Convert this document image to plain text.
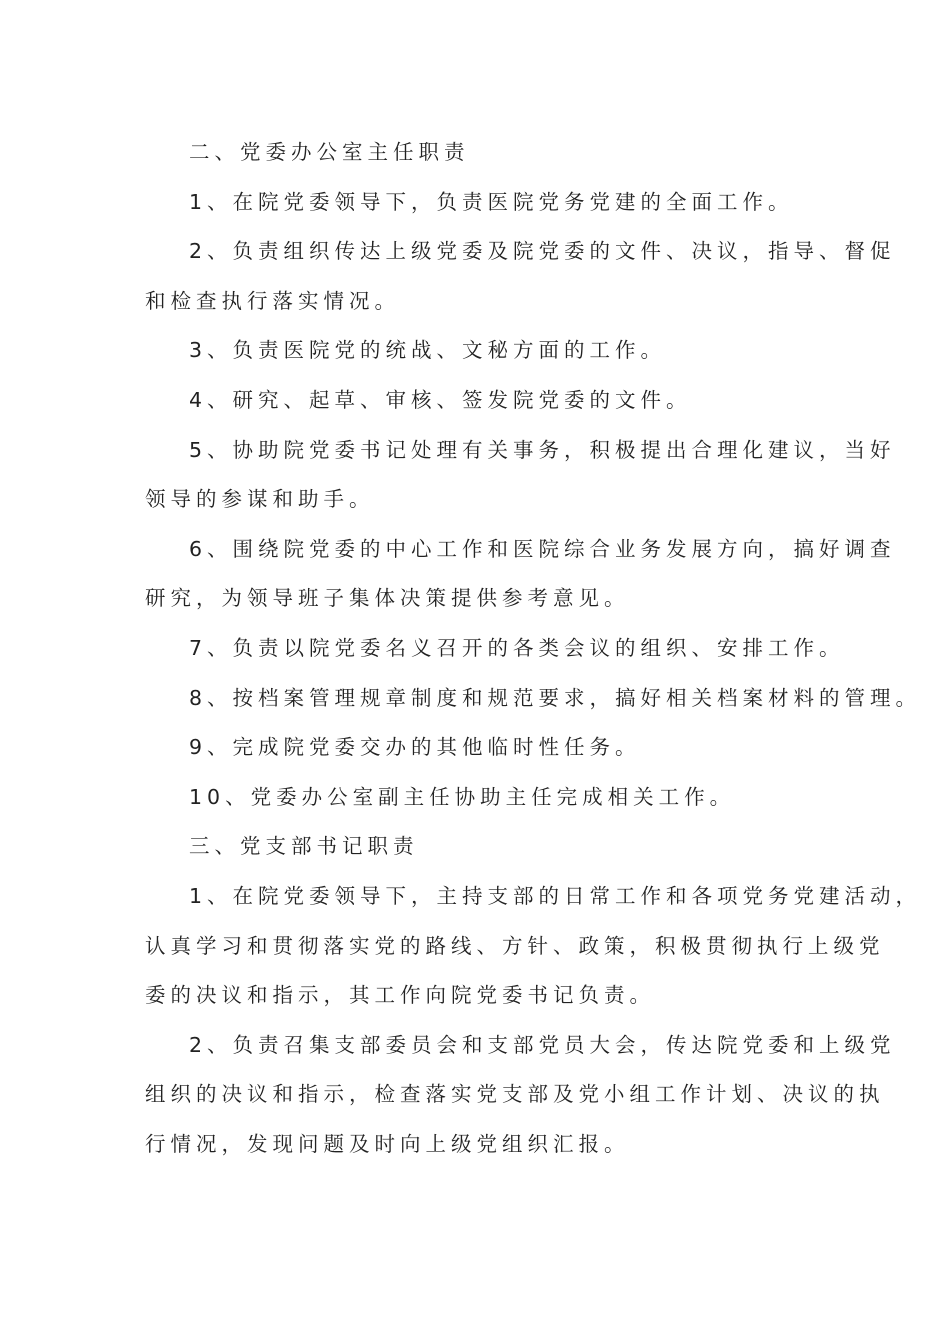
二、党委办公室主任职责

1、在院党委领导下，负责医院党务党建的全面工作。

2、负责组织传达上级党委及院党委的文件、决议，指导、督促

和检查执行落实情况。

3、负责医院党的统战、文秘方面的工作。

4、研究、起草、审核、签发院党委的文件。

5、协助院党委书记处理有关事务，积极提出合理化建议，当好

领导的参谋和助手。

6、围绕院党委的中心工作和医院综合业务发展方向，搞好调查

研究，为领导班子集体决策提供参考意见。

7、负责以院党委名义召开的各类会议的组织、安排工作。

8、按档案管理规章制度和规范要求，搞好相关档案材料的管理。

9、完成院党委交办的其他临时性任务。

10、党委办公室副主任协助主任完成相关工作。

三、党支部书记职责

1、在院党委领导下，主持支部的日常工作和各项党务党建活动，

认真学习和贯彻落实党的路线、方针、政策，积极贯彻执行上级党

委的决议和指示，其工作向院党委书记负责。

2、负责召集支部委员会和支部党员大会，传达院党委和上级党

组织的决议和指示，检查落实党支部及党小组工作计划、决议的执

行情况，发现问题及时向上级党组织汇报。
